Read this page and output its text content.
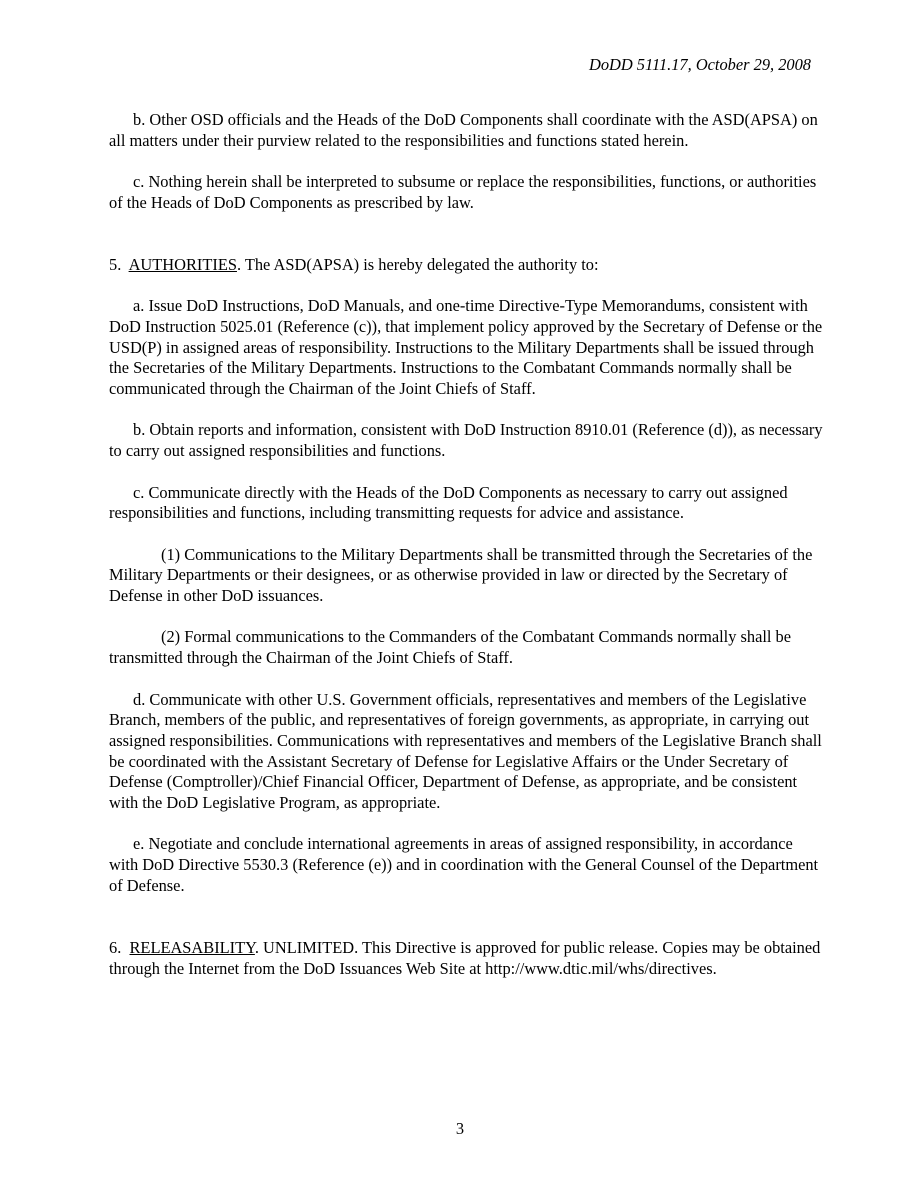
DoDD 5111.17, October 29, 2008

b. Other OSD officials and the Heads of the DoD Components shall coordinate with the ASD(APSA) on all matters under their purview related to the responsibilities and functions stated herein.

c. Nothing herein shall be interpreted to subsume or replace the responsibilities, functions, or authorities of the Heads of DoD Components as prescribed by law.

5. AUTHORITIES. The ASD(APSA) is hereby delegated the authority to:

a. Issue DoD Instructions, DoD Manuals, and one-time Directive-Type Memorandums, consistent with DoD Instruction 5025.01 (Reference (c)), that implement policy approved by the Secretary of Defense or the USD(P) in assigned areas of responsibility. Instructions to the Military Departments shall be issued through the Secretaries of the Military Departments. Instructions to the Combatant Commands normally shall be communicated through the Chairman of the Joint Chiefs of Staff.

b. Obtain reports and information, consistent with DoD Instruction 8910.01 (Reference (d)), as necessary to carry out assigned responsibilities and functions.

c. Communicate directly with the Heads of the DoD Components as necessary to carry out assigned responsibilities and functions, including transmitting requests for advice and assistance.

(1) Communications to the Military Departments shall be transmitted through the Secretaries of the Military Departments or their designees, or as otherwise provided in law or directed by the Secretary of Defense in other DoD issuances.

(2) Formal communications to the Commanders of the Combatant Commands normally shall be transmitted through the Chairman of the Joint Chiefs of Staff.

d. Communicate with other U.S. Government officials, representatives and members of the Legislative Branch, members of the public, and representatives of foreign governments, as appropriate, in carrying out assigned responsibilities. Communications with representatives and members of the Legislative Branch shall be coordinated with the Assistant Secretary of Defense for Legislative Affairs or the Under Secretary of Defense (Comptroller)/Chief Financial Officer, Department of Defense, as appropriate, and be consistent with the DoD Legislative Program, as appropriate.

e. Negotiate and conclude international agreements in areas of assigned responsibility, in accordance with DoD Directive 5530.3 (Reference (e)) and in coordination with the General Counsel of the Department of Defense.

6. RELEASABILITY. UNLIMITED. This Directive is approved for public release. Copies may be obtained through the Internet from the DoD Issuances Web Site at http://www.dtic.mil/whs/directives.

3
